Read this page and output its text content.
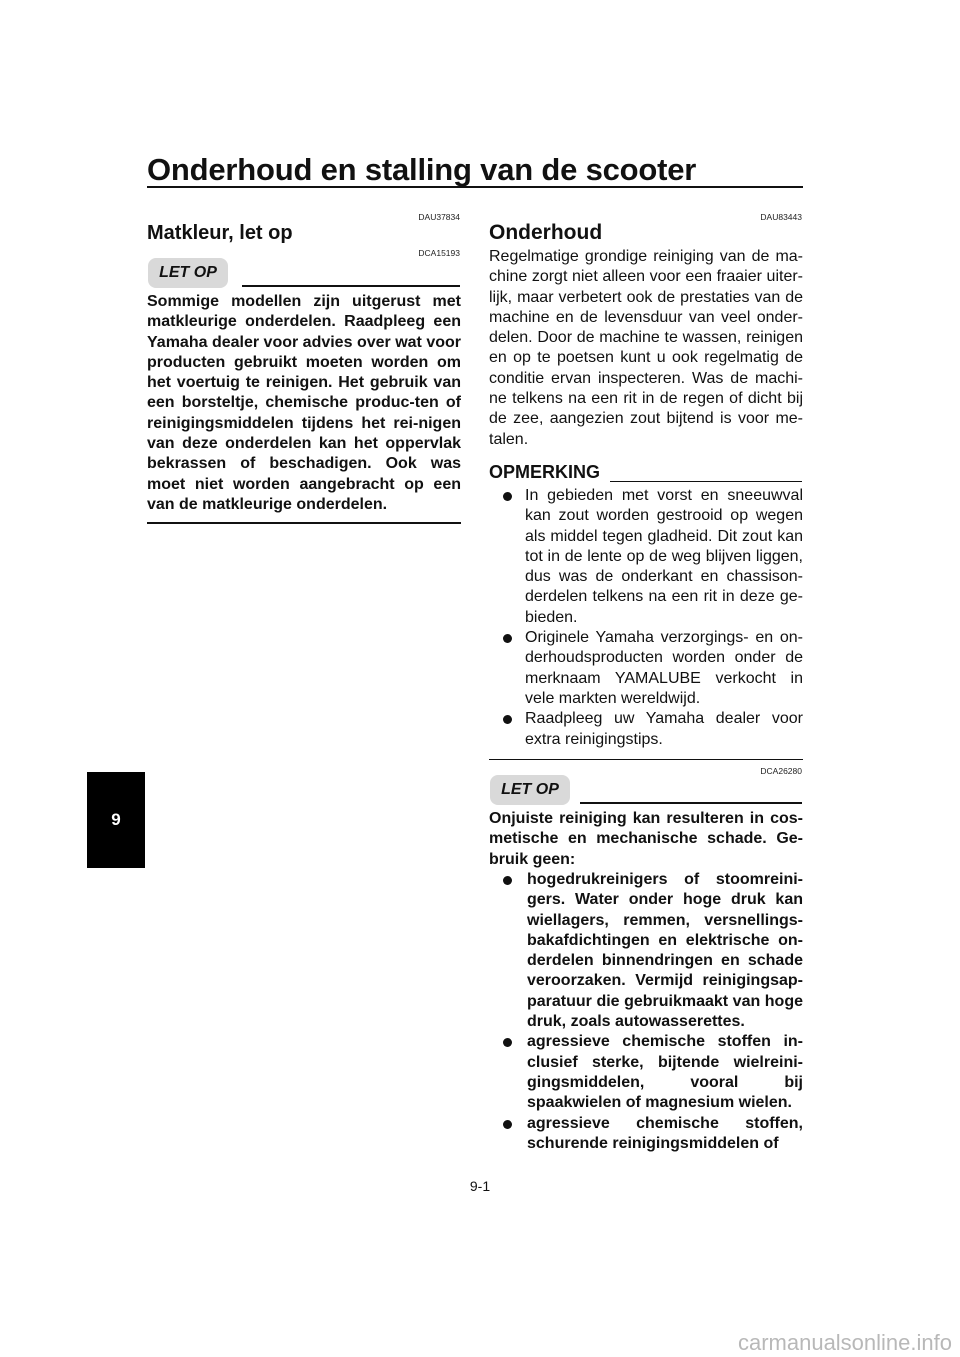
Onderhoud en stalling van de scooter
9
DAU37834
Matkleur, let op
DCA15193
LET OP
Sommige modellen zijn uitgerust met matkleurige onderdelen. Raadpleeg een Yamaha dealer voor advies over wat voor producten gebruikt moeten worden om het voertuig te reinigen. Het gebruik van een borsteltje, chemische produc-ten of reinigingsmiddelen tijdens het rei-nigen van deze onderdelen kan het oppervlak bekrassen of beschadigen. Ook was moet niet worden aangebracht op een van de matkleurige onderdelen.
DAU83443
Onderhoud
Regelmatige grondige reiniging van de ma-chine zorgt niet alleen voor een fraaier uiter-lijk, maar verbetert ook de prestaties van de machine en de levensduur van veel onder-delen. Door de machine te wassen, reinigen en op te poetsen kunt u ook regelmatig de conditie ervan inspecteren. Was de machi-ne telkens na een rit in de regen of dicht bij de zee, aangezien zout bijtend is voor me-talen.
OPMERKING
In gebieden met vorst en sneeuwval kan zout worden gestrooid op wegen als middel tegen gladheid. Dit zout kan tot in de lente op de weg blijven liggen, dus was de onderkant en chassison-derdelen telkens na een rit in deze ge-bieden.
Originele Yamaha verzorgings- en on-derhoudsproducten worden onder de merknaam YAMALUBE verkocht in vele markten wereldwijd.
Raadpleeg uw Yamaha dealer voor extra reinigingstips.
DCA26280
LET OP
Onjuiste reiniging kan resulteren in cos-metische en mechanische schade. Ge-bruik geen:
hogedrukreinigers of stoomreini-gers. Water onder hoge druk kan wiellagers, remmen, versnellings-bakafdichtingen en elektrische on-derdelen binnendringen en schade veroorzaken. Vermijd reinigingsap-paratuur die gebruikmaakt van hoge druk, zoals autowasserettes.
agressieve chemische stoffen in-clusief sterke, bijtende wielreini-gingsmiddelen, vooral bij spaakwielen of magnesium wielen.
agressieve chemische stoffen, schurende reinigingsmiddelen of
9-1
carmanualsonline.info
